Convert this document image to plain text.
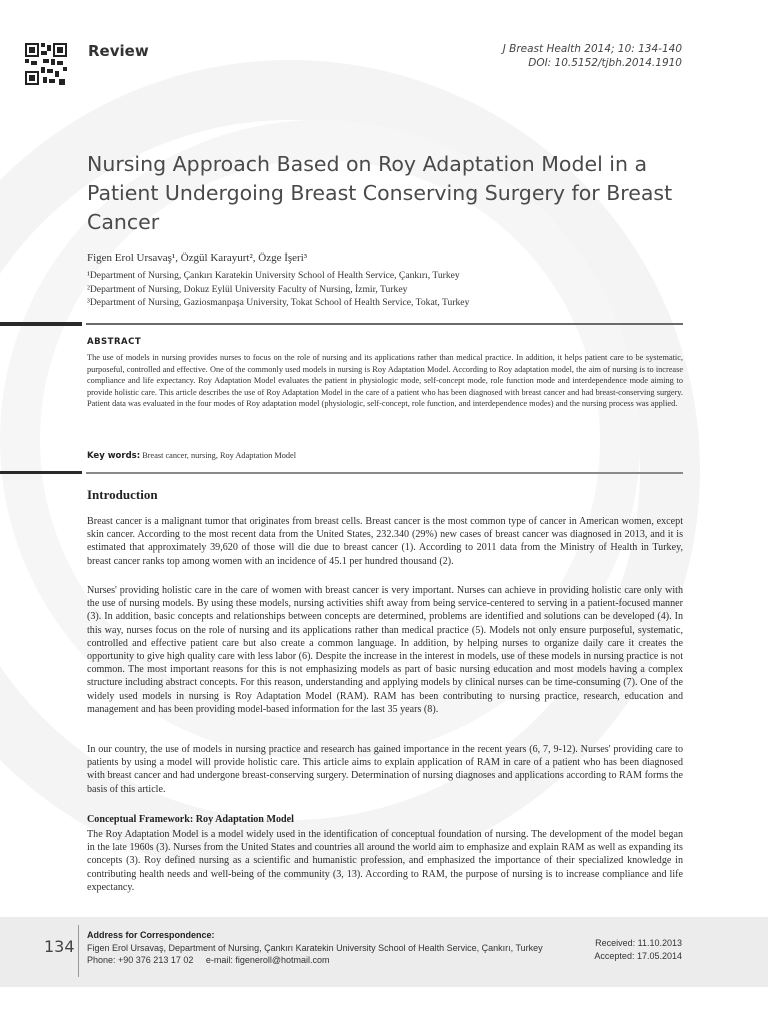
Review	J Breast Health 2014; 10: 134-140
DOI: 10.5152/tjbh.2014.1910
Nursing Approach Based on Roy Adaptation Model in a Patient Undergoing Breast Conserving Surgery for Breast Cancer
Figen Erol Ursavaş¹, Özgül Karayurt², Özge İşeri³
¹Department of Nursing, Çankırı Karatekin University School of Health Service, Çankırı, Turkey
²Department of Nursing, Dokuz Eylül University Faculty of Nursing, İzmir, Turkey
³Department of Nursing, Gaziosmanpaşa University, Tokat School of Health Service, Tokat, Turkey
ABSTRACT

The use of models in nursing provides nurses to focus on the role of nursing and its applications rather than medical practice. In addition, it helps patient care to be systematic, purposeful, controlled and effective. One of the commonly used models in nursing is Roy Adaptation Model. According to Roy adaptation model, the aim of nursing is to increase compliance and life expectancy. Roy Adaptation Model evaluates the patient in physiologic mode, self-concept mode, role function mode and interdependence mode aiming to provide holistic care. This article describes the use of Roy Adaptation Model in the care of a patient who has been diagnosed with breast cancer and had breast-conserving surgery. Patient data was evaluated in the four modes of Roy adaptation model (physiologic, self-concept, role function, and interdependence modes) and the nursing process was applied.

Key words: Breast cancer, nursing, Roy Adaptation Model
Introduction

Breast cancer is a malignant tumor that originates from breast cells. Breast cancer is the most common type of cancer in American women, except skin cancer. According to the most recent data from the United States, 232.340 (29%) new cases of breast cancer was diagnosed in 2013, and it is estimated that approximately 39,620 of those will die due to breast cancer (1). According to 2011 data from the Ministry of Health in Turkey, breast cancer ranks top among women with an incidence of 45.1 per hundred thousand (2).

Nurses' providing holistic care in the care of women with breast cancer is very important. Nurses can achieve in providing holistic care only with the use of nursing models. By using these models, nursing activities shift away from being service-centered to serving in a patient-focused manner (3). In addition, basic concepts and relationships between concepts are determined, problems are identified and solutions can be developed (4). In this way, nurses focus on the role of nursing and its applications rather than medical practice (5). Models not only ensure purposeful, systematic, controlled and effective patient care but also create a common language. In addition, by helping nurses to organize daily care it creates the opportunity to give high quality care with less labor (6). Despite the increase in the interest in models, use of these models in nursing practice is not common. The most important reasons for this is not emphasizing models as part of basic nursing education and most models having a complex structure including abstract concepts. For this reason, understanding and applying models by clinical nurses can be time-consuming (7). One of the widely used models in nursing is Roy Adaptation Model (RAM). RAM has been contributing to nursing practice, research, education and management and has been providing model-based information for the last 35 years (8).

In our country, the use of models in nursing practice and research has gained importance in the recent years (6, 7, 9-12). Nurses' providing care to patients by using a model will provide holistic care. This article aims to explain application of RAM in care of a patient who has been diagnosed with breast cancer and had undergone breast-conserving surgery. Determination of nursing diagnoses and applications according to RAM forms the basis of this article.

Conceptual Framework: Roy Adaptation Model

The Roy Adaptation Model is a model widely used in the identification of conceptual foundation of nursing. The development of the model began in the late 1960s (3). Nurses from the United States and countries all around the world aim to emphasize and explain RAM as well as expanding its concepts (3). Roy defined nursing as a scientific and humanistic profession, and emphasized the importance of their specialized knowledge in contributing health needs and well-being of the community (3, 13). According to RAM, the purpose of nursing is to increase compliance and life expectancy.

134
Address for Correspondence:
Figen Erol Ursavaş, Department of Nursing, Çankırı Karatekin University School of Health Service, Çankırı, Turkey
Phone: +90 376 213 17 02     e-mail: figeneroll@hotmail.com
Received: 11.10.2013
Accepted: 17.05.2014
